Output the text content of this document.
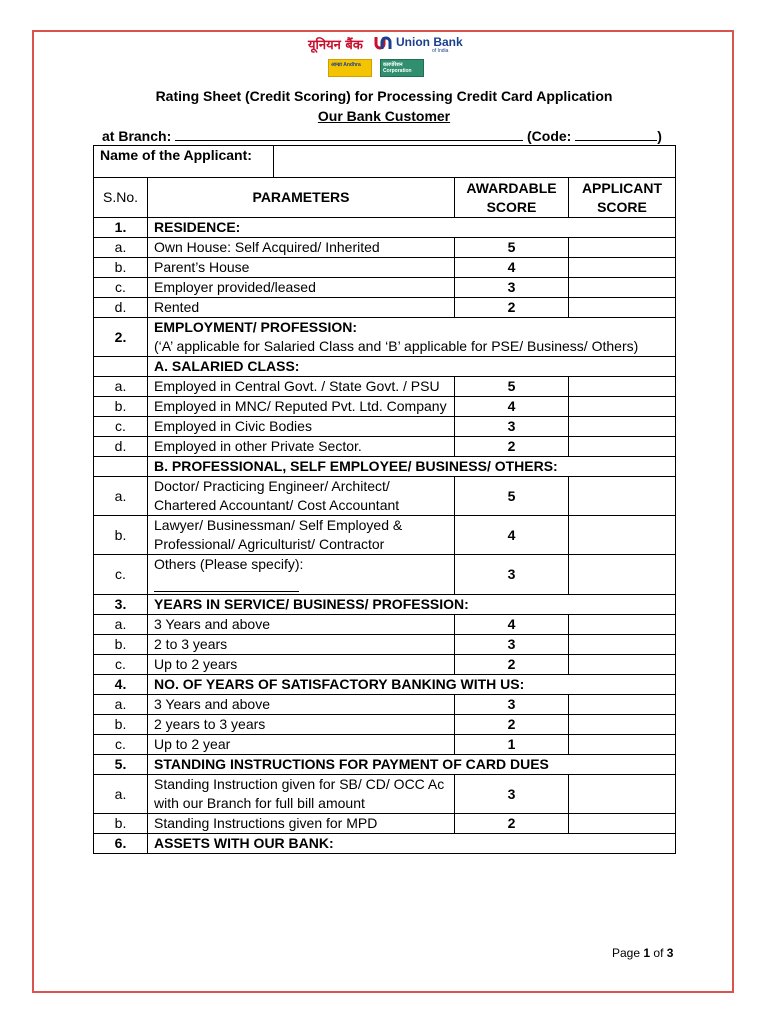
यूनियन बैंक	Union Bank
of India
आन्ध्रा Andhra	कारपोरेशन Corporation
Rating Sheet (Credit Scoring) for Processing Credit Card Application
Our Bank Customer
at Branch:	(Code:	)
Name of the Applicant:			

S.No.	PARAMETERS	AWARDABLE SCORE	APPLICANT SCORE
1.	RESIDENCE:		
a.	Own House: Self Acquired/ Inherited	5	
b.	Parent’s House	4	
c.	Employer provided/leased	3	
d.	Rented	2	
2.	EMPLOYMENT/ PROFESSION:
(‘A’ applicable for Salaried Class and ‘B’ applicable for PSE/ Business/ Others)		

	A. SALARIED CLASS:		
a.	Employed in Central Govt. / State Govt. / PSU	5	
b.	Employed in MNC/ Reputed Pvt. Ltd. Company	4	
c.	Employed in Civic Bodies	3	
d.	Employed in other Private Sector.	2	
	B. PROFESSIONAL, SELF EMPLOYEE/ BUSINESS/ OTHERS:		
a.	Doctor/ Practicing Engineer/ Architect/ Chartered Accountant/ Cost Accountant	5	
b.	Lawyer/ Businessman/ Self Employed & Professional/ Agriculturist/ Contractor	4	
c.	Others (Please specify):	3	
3.	YEARS IN SERVICE/ BUSINESS/ PROFESSION:		
a.	3 Years and above	4	
b.	2 to 3 years	3	
c.	Up to 2 years	2	
4.	NO. OF YEARS OF SATISFACTORY BANKING WITH US:		
a.	3 Years and above	3	
b.	2 years to 3 years	2	
c.	Up to 2 year	1	
5.	STANDING INSTRUCTIONS FOR PAYMENT OF CARD DUES		
a.	Standing Instruction given for SB/ CD/ OCC Ac with our Branch for full bill amount	3	
b.	Standing Instructions given for MPD	2	
6.	ASSETS WITH OUR BANK:		
Page 1 of 3
